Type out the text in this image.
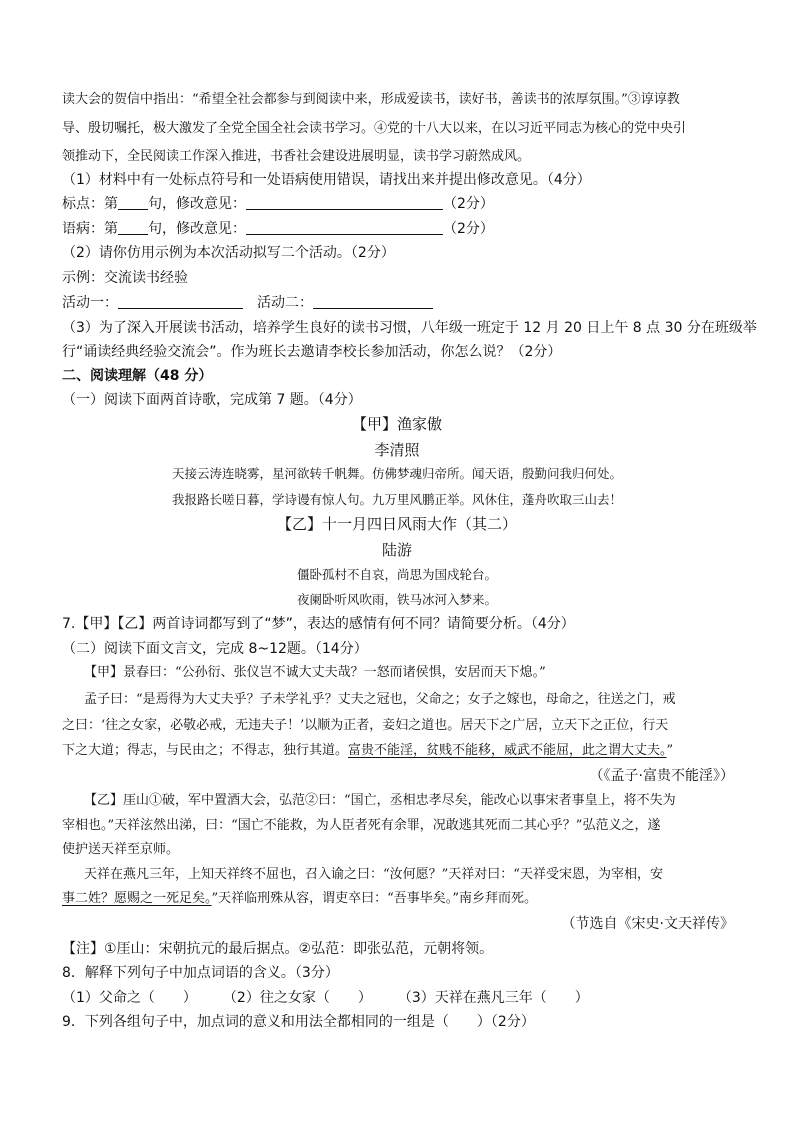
读大会的贺信中指出：“希望全社会都参与到阅读中来，形成爱读书，读好书，善读书的浓厚氛围。”③谆谆教
导、殷切嘱托，极大激发了全党全国全社会读书学习。④党的十八大以来，在以习近平同志为核心的党中央引
领推动下，全民阅读工作深入推进，书香社会建设进展明显，读书学习蔚然成风。
（1）材料中有一处标点符号和一处语病使用错误，请找出来并提出修改意见。（4分）
标点：第 句，修改意见：	（2分）
语病：第 句，修改意见：	（2分）
（2）请你仿用示例为本次活动拟写二个活动。（2分）
示例：交流读书经验
活动一：	活动二：
（3）为了深入开展读书活动，培养学生良好的读书习惯，八年级一班定于 12 月 20 日上午 8 点 30 分在班级举
行“诵读经典经验交流会”。作为班长去邀请李校长参加活动，你怎么说？（2分）
二、阅读理解（48 分）
（一）阅读下面两首诗歌，完成第 7 题。（4分）
【甲】渔家傲
李清照
天接云涛连晓雾，星河欲转千帆舞。仿佛梦魂归帝所。闻天语，殷勤问我归何处。
我报路长嗟日暮，学诗谩有惊人句。九万里风鹏正举。风休住，蓬舟吹取三山去！
【乙】十一月四日风雨大作（其二）
陆游
僵卧孤村不自哀，尚思为国戍轮台。
夜阑卧听风吹雨，铁马冰河入梦来。
7.【甲】【乙】两首诗词都写到了“梦”，表达的感情有何不同？请简要分析。（4分）
（二）阅读下面文言文，完成 8~12题。（14分）
【甲】景春曰：“公孙衍、张仪岂不诚大丈夫哉？一怒而诸侯惧，安居而天下熄。”
孟子曰：“是焉得为大丈夫乎？子未学礼乎？丈夫之冠也，父命之；女子之嫁也，母命之，往送之门，戒
之曰：‘往之女家，必敬必戒，无违夫子！’以顺为正者，妾妇之道也。居天下之广居，立天下之正位，行天
下之大道；得志，与民由之；不得志，独行其道。富贵不能淫，贫贱不能移，威武不能屈，此之谓大丈夫。”
（《孟子·富贵不能淫》）
【乙】厓山①破，军中置酒大会，弘范②曰：“国亡，丞相忠孝尽矣，能改心以事宋者事皇上，将不失为
宰相也。”天祥泫然出涕，曰：“国亡不能救，为人臣者死有余罪，况敢逃其死而二其心乎？”弘范义之，遂
使护送天祥至京师。
天祥在燕凡三年，上知天祥终不屈也，召入谕之曰：“汝何愿？”天祥对曰：“天祥受宋恩，为宰相，安
事二姓？愿赐之一死足矣。”天祥临刑殊从容，谓吏卒曰：“吾事毕矣。”南乡拜而死。
（节选自《宋史·文天祥传》
【注】①厓山：宋朝抗元的最后据点。②弘范：即张弘范，元朝将领。
8．解释下列句子中加点词语的含义。（3分）
（1）父命之（　　） （2）往之女家（　　） （3）天祥在燕凡三年（　　）
9．下列各组句子中，加点词的意义和用法全都相同的一组是（　　）（2分）
